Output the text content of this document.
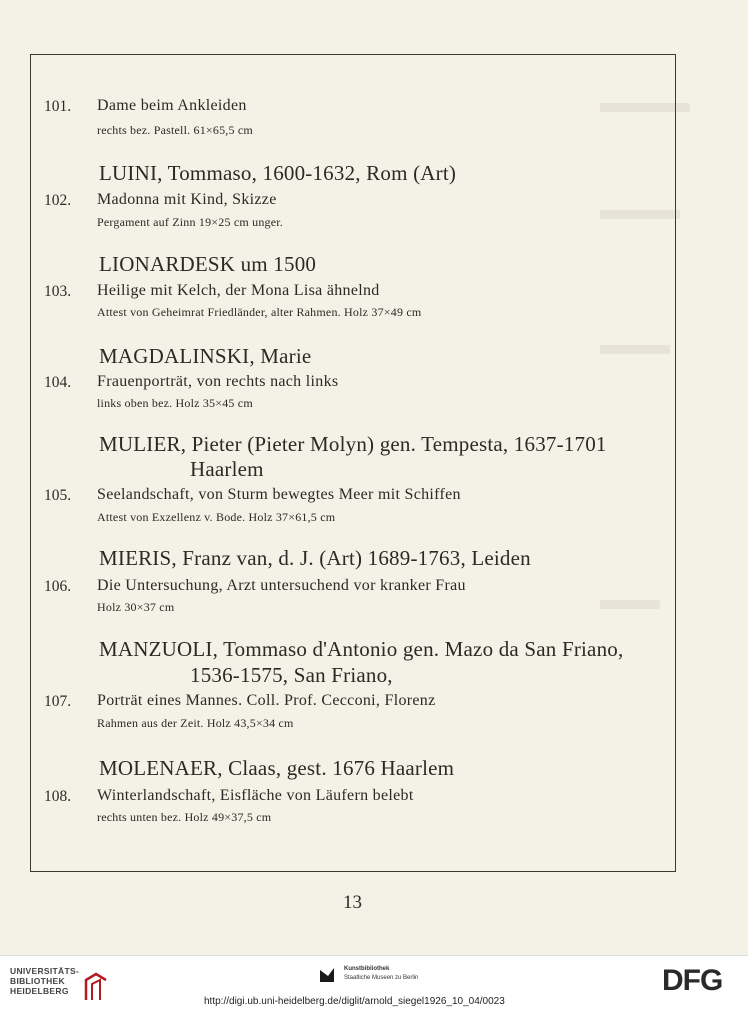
101. Dame beim Ankleiden
rechts bez. Pastell. 61×65,5 cm
LUINI, Tommaso, 1600-1632, Rom (Art)
102. Madonna mit Kind, Skizze
Pergament auf Zinn 19×25 cm unger.
LIONARDESK um 1500
103. Heilige mit Kelch, der Mona Lisa ähnelnd
Attest von Geheimrat Friedländer, alter Rahmen. Holz 37×49 cm
MAGDALINSKI, Marie
104. Frauenporträt, von rechts nach links
links oben bez. Holz 35×45 cm
MULIER, Pieter (Pieter Molyn) gen. Tempesta, 1637-1701
Haarlem
105. Seelandschaft, von Sturm bewegtes Meer mit Schiffen
Attest von Exzellenz v. Bode. Holz 37×61,5 cm
MIERIS, Franz van, d. J. (Art) 1689-1763, Leiden
106. Die Untersuchung, Arzt untersuchend vor kranker Frau
Holz 30×37 cm
MANZUOLI, Tommaso d'Antonio gen. Mazo da San Friano,
1536-1575, San Friano,
107. Porträt eines Mannes. Coll. Prof. Cecconi, Florenz
Rahmen aus der Zeit. Holz 43,5×34 cm
MOLENAER, Claas, gest. 1676 Haarlem
108. Winterlandschaft, Eisfläche von Läufern belebt
rechts unten bez. Holz 49×37,5 cm
13
UNIVERSITÄTS-
BIBLIOTHEK
HEIDELBERG
Kunstbibliothek
Staatliche Museen zu Berlin	DFG
http://digi.ub.uni-heidelberg.de/diglit/arnold_siegel1926_10_04/0023
